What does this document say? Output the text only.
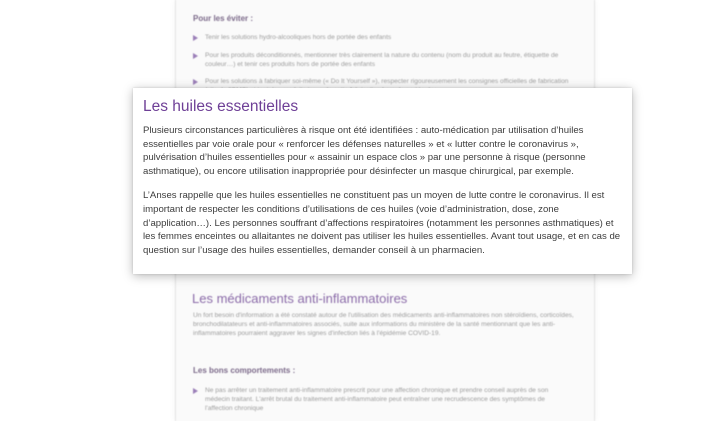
Pour les éviter :
Tenir les solutions hydro-alcooliques hors de portée des enfants
Pour les produits déconditionnés, mentionner très clairement la nature du contenu (nom du produit au feutre, étiquette de couleur…) et tenir ces produits hors de portée des enfants
Pour les solutions à fabriquer soi-même (« Do It Yourself »), respecter rigoureusement les consignes officielles de fabrication
Les médicaments anti-inflammatoires
Un fort besoin d'information a été constaté autour de l'utilisation des médicaments anti-inflammatoires non stéroïdiens, corticoïdes, bronchodilatateurs et anti-inflammatoires associés, suite aux informations du ministère de la santé mentionnant que les anti-inflammatoires pourraient aggraver les signes d'infection liés à l'épidémie COVID-19.
Les bons comportements :
Ne pas arrêter un traitement anti-inflammatoire prescrit pour une affection chronique et prendre conseil auprès de son médecin traitant. L'arrêt brutal du traitement anti-inflammatoire peut entraîner une recrudescence des symptômes de l'affection chronique
Les huiles essentielles

Plusieurs circonstances particulières à risque ont été identifiées : auto-médication par utilisation d’huiles essentielles par voie orale pour « renforcer les défenses naturelles » et « lutter contre le coronavirus », pulvérisation d’huiles essentielles pour « assainir un espace clos » par une personne à risque (personne asthmatique), ou encore utilisation inappropriée pour désinfecter un masque chirurgical, par exemple.

L’Anses rappelle que les huiles essentielles ne constituent pas un moyen de lutte contre le coronavirus. Il est important de respecter les conditions d’utilisations de ces huiles (voie d’administration, dose, zone d’application…). Les personnes souffrant d’affections respiratoires (notamment les personnes asthmatiques) et les femmes enceintes ou allaitantes ne doivent pas utiliser les huiles essentielles. Avant tout usage, et en cas de question sur l’usage des huiles essentielles, demander conseil à un pharmacien.
